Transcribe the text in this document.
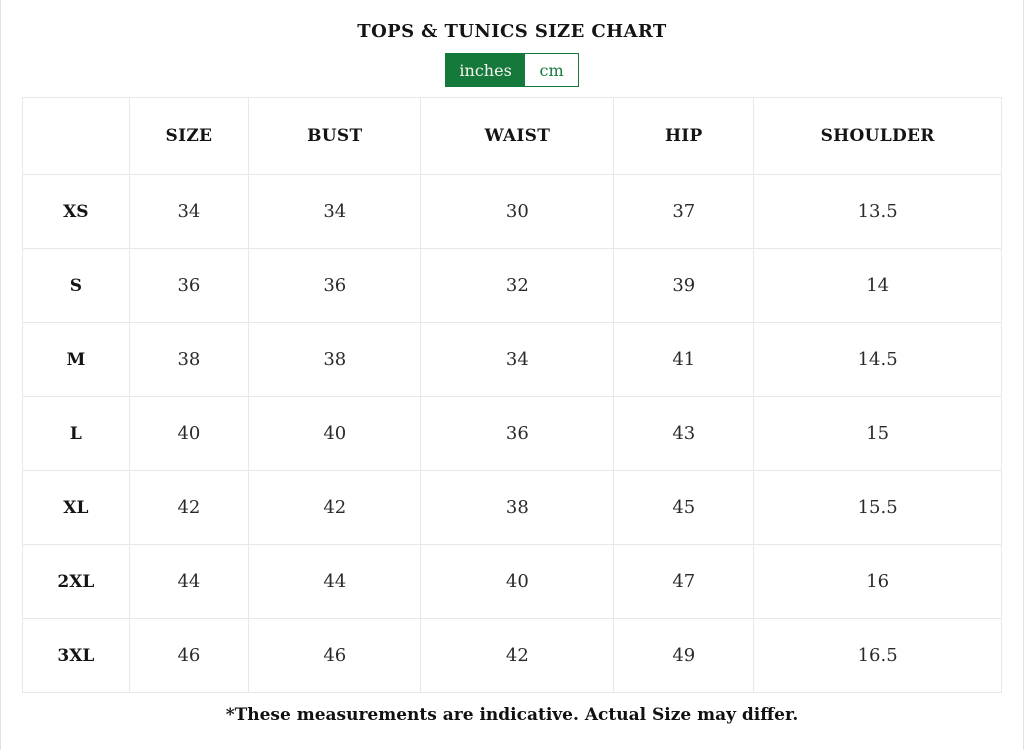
TOPS & TUNICS SIZE CHART
inches	cm
	SIZE	BUST	WAIST	HIP	SHOULDER
XS	34	34	30	37	13.5
S	36	36	32	39	14
M	38	38	34	41	14.5
L	40	40	36	43	15
XL	42	42	38	45	15.5
2XL	44	44	40	47	16
3XL	46	46	42	49	16.5

*These measurements are indicative. Actual Size may differ.
